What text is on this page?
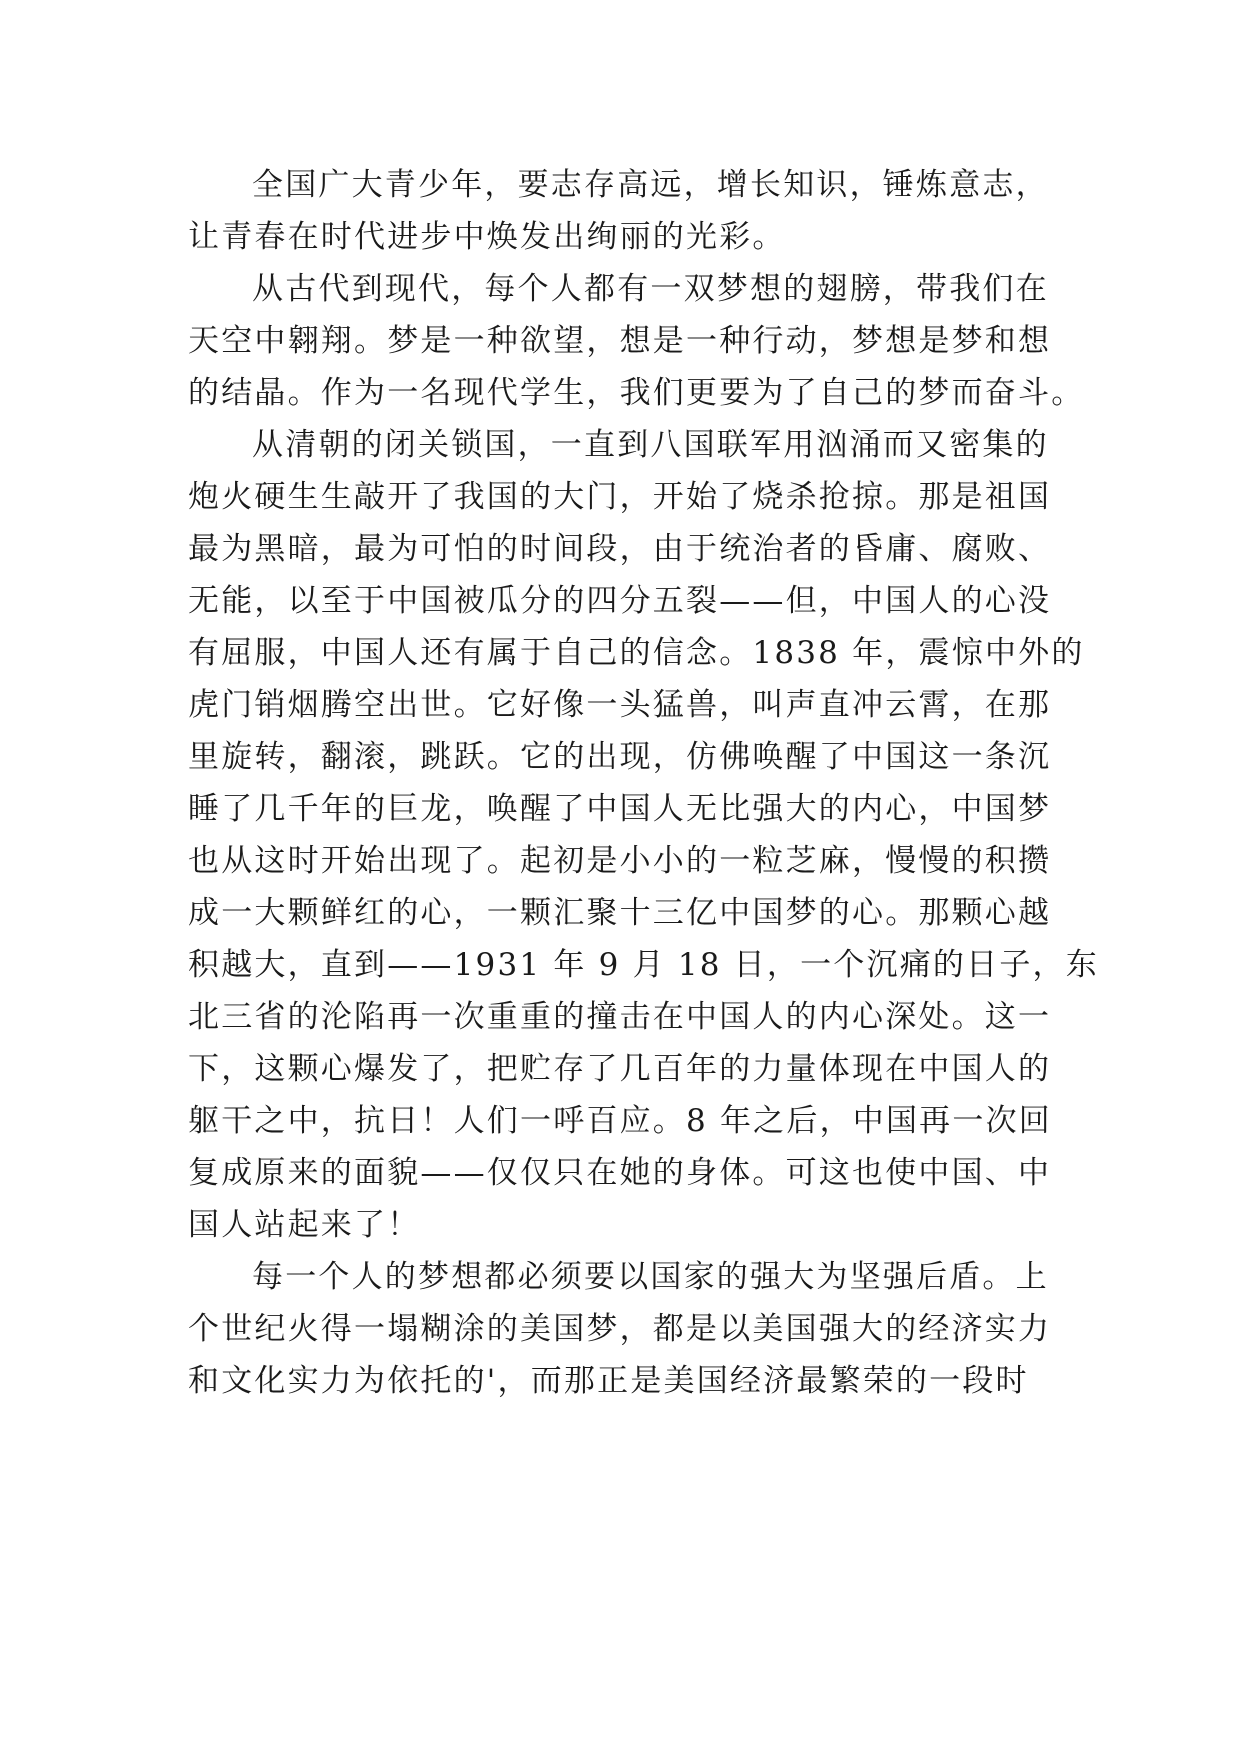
全国广大青少年，要志存高远，增长知识，锤炼意志，
让青春在时代进步中焕发出绚丽的光彩。
从古代到现代，每个人都有一双梦想的翅膀，带我们在
天空中翱翔。梦是一种欲望，想是一种行动，梦想是梦和想
的结晶。作为一名现代学生，我们更要为了自己的梦而奋斗。
从清朝的闭关锁国，一直到八国联军用汹涌而又密集的
炮火硬生生敲开了我国的大门，开始了烧杀抢掠。那是祖国
最为黑暗，最为可怕的时间段，由于统治者的昏庸、腐败、
无能，以至于中国被瓜分的四分五裂——但，中国人的心没
有屈服，中国人还有属于自己的信念。1838 年，震惊中外的
虎门销烟腾空出世。它好像一头猛兽，叫声直冲云霄，在那
里旋转，翻滚，跳跃。它的出现，仿佛唤醒了中国这一条沉
睡了几千年的巨龙，唤醒了中国人无比强大的内心，中国梦
也从这时开始出现了。起初是小小的一粒芝麻，慢慢的积攒
成一大颗鲜红的心，一颗汇聚十三亿中国梦的心。那颗心越
积越大，直到——1931 年 9 月 18 日，一个沉痛的日子，东
北三省的沦陷再一次重重的撞击在中国人的内心深处。这一
下，这颗心爆发了，把贮存了几百年的力量体现在中国人的
躯干之中，抗日！人们一呼百应。8 年之后，中国再一次回
复成原来的面貌——仅仅只在她的身体。可这也使中国、中
国人站起来了！
每一个人的梦想都必须要以国家的强大为坚强后盾。上
个世纪火得一塌糊涂的美国梦，都是以美国强大的经济实力
和文化实力为依托的'，而那正是美国经济最繁荣的一段时
